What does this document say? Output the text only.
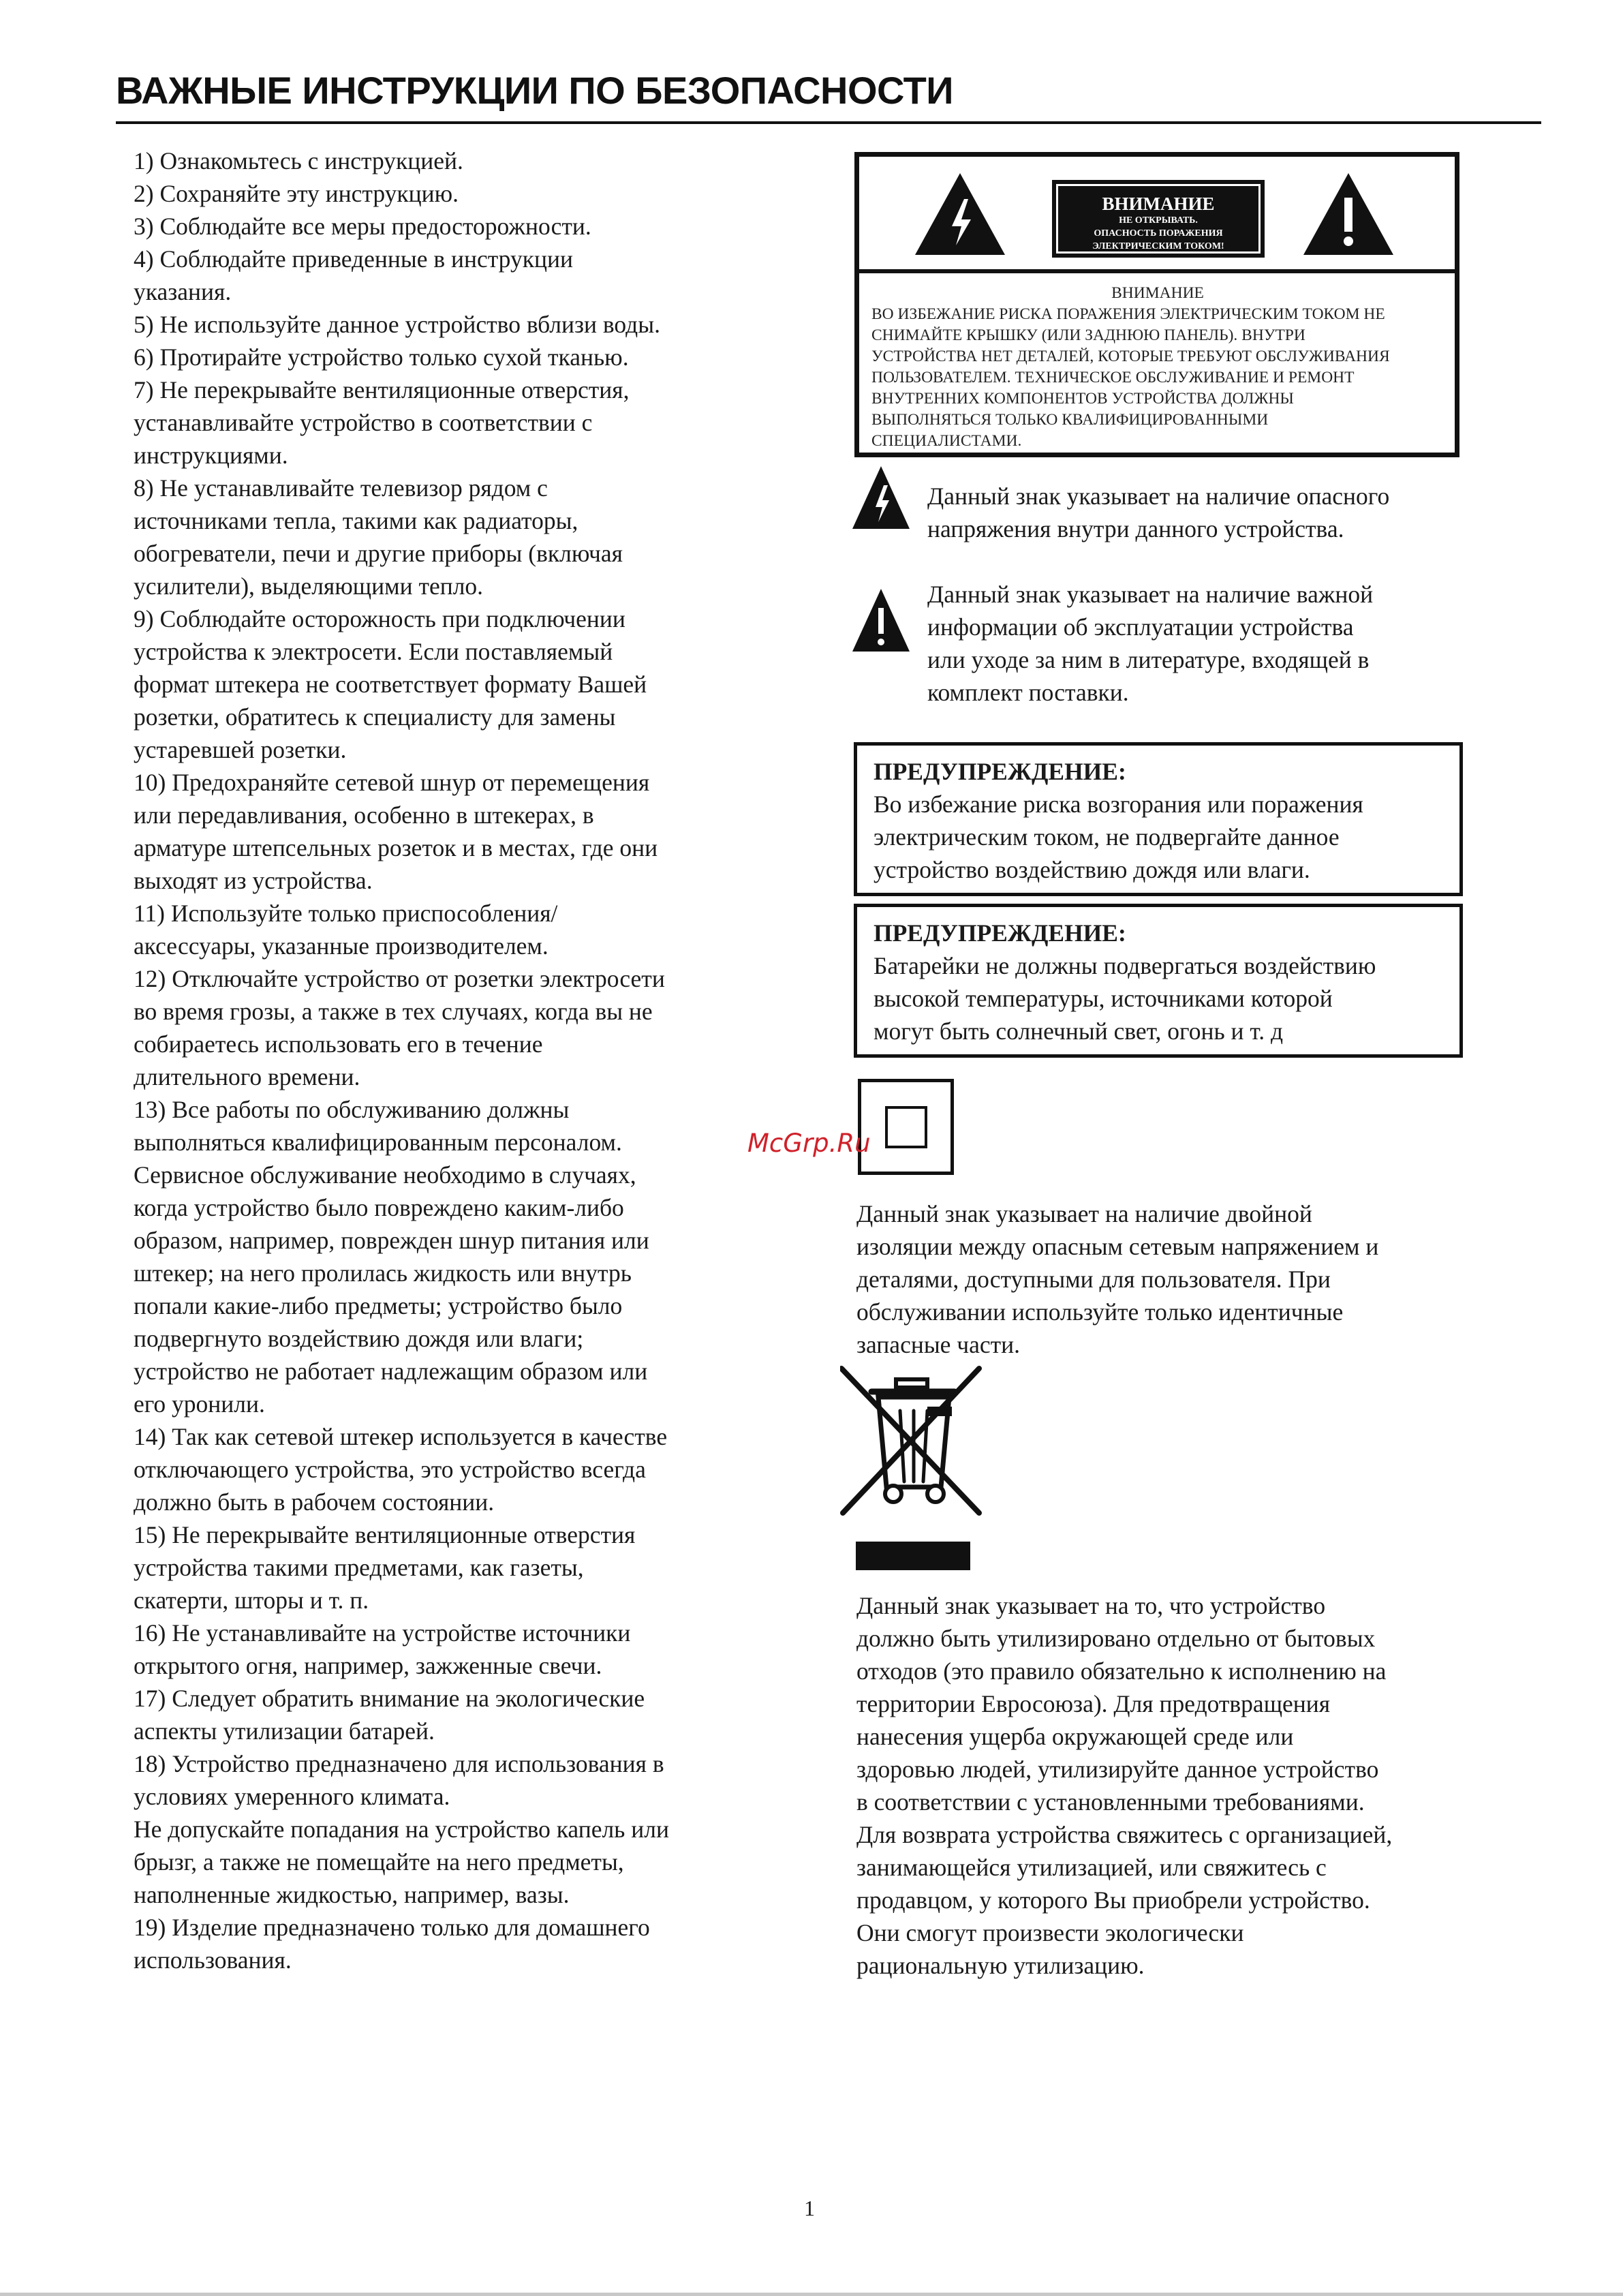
ВАЖНЫЕ ИНСТРУКЦИИ ПО БЕЗОПАСНОСТИ
1) Ознакомьтесь с инструкцией.
2) Сохраняйте эту инструкцию.
3) Соблюдайте все меры предосторожности.
4) Соблюдайте приведенные в инструкции
указания.
5) Не используйте данное устройство вблизи воды.
6) Протирайте устройство только сухой тканью.
7) Не перекрывайте вентиляционные отверстия,
устанавливайте устройство в соответствии с
инструкциями.
8) Не устанавливайте телевизор рядом с
источниками тепла, такими как радиаторы,
обогреватели, печи и другие приборы (включая
усилители), выделяющими тепло.
9) Соблюдайте осторожность при подключении
устройства к электросети. Если поставляемый
формат штекера не соответствует формату Вашей
розетки, обратитесь к специалисту для замены
устаревшей розетки.
10) Предохраняйте сетевой шнур от перемещения
или передавливания, особенно в штекерах, в
арматуре штепсельных розеток и в местах, где они
выходят из устройства.
11) Используйте только приспособления/
аксессуары, указанные производителем.
12) Отключайте устройство от розетки электросети
во время грозы, а также в тех случаях, когда вы не
собираетесь использовать его в течение
длительного времени.
13) Все работы по обслуживанию должны
выполняться квалифицированным персоналом.
Сервисное обслуживание необходимо в случаях,
когда устройство было повреждено каким-либо
образом, например, поврежден шнур питания или
штекер; на него пролилась жидкость или внутрь
попали какие-либо предметы; устройство было
подвергнуто воздействию дождя или влаги;
устройство не работает надлежащим образом или
его уронили.
14) Так как сетевой штекер используется в качестве
отключающего устройства, это устройство всегда
должно быть в рабочем состоянии.
15) Не перекрывайте вентиляционные отверстия
устройства такими предметами, как газеты,
скатерти, шторы и т. п.
16) Не устанавливайте на устройстве источники
открытого огня, например, зажженные свечи.
17) Следует обратить внимание на экологические
аспекты утилизации батарей.
18) Устройство предназначено для использования в
условиях умеренного климата.
Не допускайте попадания на устройство капель или
брызг, а также не помещайте на него предметы,
наполненные жидкостью, например, вазы.
19) Изделие предназначено только для домашнего
использования.
ВНИМАНИЕ
НЕ ОТКРЫВАТЬ.
ОПАСНОСТЬ ПОРАЖЕНИЯ
ЭЛЕКТРИЧЕСКИМ ТОКОМ!
ВНИМАНИЕ
ВО ИЗБЕЖАНИЕ РИСКА ПОРАЖЕНИЯ ЭЛЕКТРИЧЕСКИМ ТОКОМ НЕ
СНИМАЙТЕ КРЫШКУ (ИЛИ ЗАДНЮЮ ПАНЕЛЬ). ВНУТРИ
УСТРОЙСТВА НЕТ ДЕТАЛЕЙ, КОТОРЫЕ ТРЕБУЮТ ОБСЛУЖИВАНИЯ
ПОЛЬЗОВАТЕЛЕМ. ТЕХНИЧЕСКОЕ ОБСЛУЖИВАНИЕ И РЕМОНТ
ВНУТРЕННИХ КОМПОНЕНТОВ УСТРОЙСТВА ДОЛЖНЫ
ВЫПОЛНЯТЬСЯ ТОЛЬКО КВАЛИФИЦИРОВАННЫМИ
СПЕЦИАЛИСТАМИ.
Данный знак указывает на наличие опасного
напряжения внутри данного устройства.
Данный знак указывает на наличие важной
информации об эксплуатации устройства
или уходе за ним в литературе, входящей в
комплект поставки.
ПРЕДУПРЕЖДЕНИЕ:
Во избежание риска возгорания или поражения
электрическим током, не подвергайте данное
устройство воздействию дождя или влаги.
ПРЕДУПРЕЖДЕНИЕ:
Батарейки не должны подвергаться воздействию
высокой температуры, источниками которой
могут быть солнечный свет, огонь и т. д
McGrp.Ru
Данный знак указывает на наличие двойной
изоляции между опасным сетевым напряжением и
деталями, доступными для пользователя. При
обслуживании используйте только идентичные
запасные части.
Данный знак указывает на то, что устройство
должно быть утилизировано отдельно от бытовых
отходов (это правило обязательно к исполнению на
территории Евросоюза). Для предотвращения
нанесения ущерба окружающей среде или
здоровью людей, утилизируйте данное устройство
в соответствии с установленными требованиями.
Для возврата устройства свяжитесь с организацией,
занимающейся утилизацией, или свяжитесь с
продавцом, у которого Вы приобрели устройство.
Они смогут произвести экологически
рациональную утилизацию.
1
